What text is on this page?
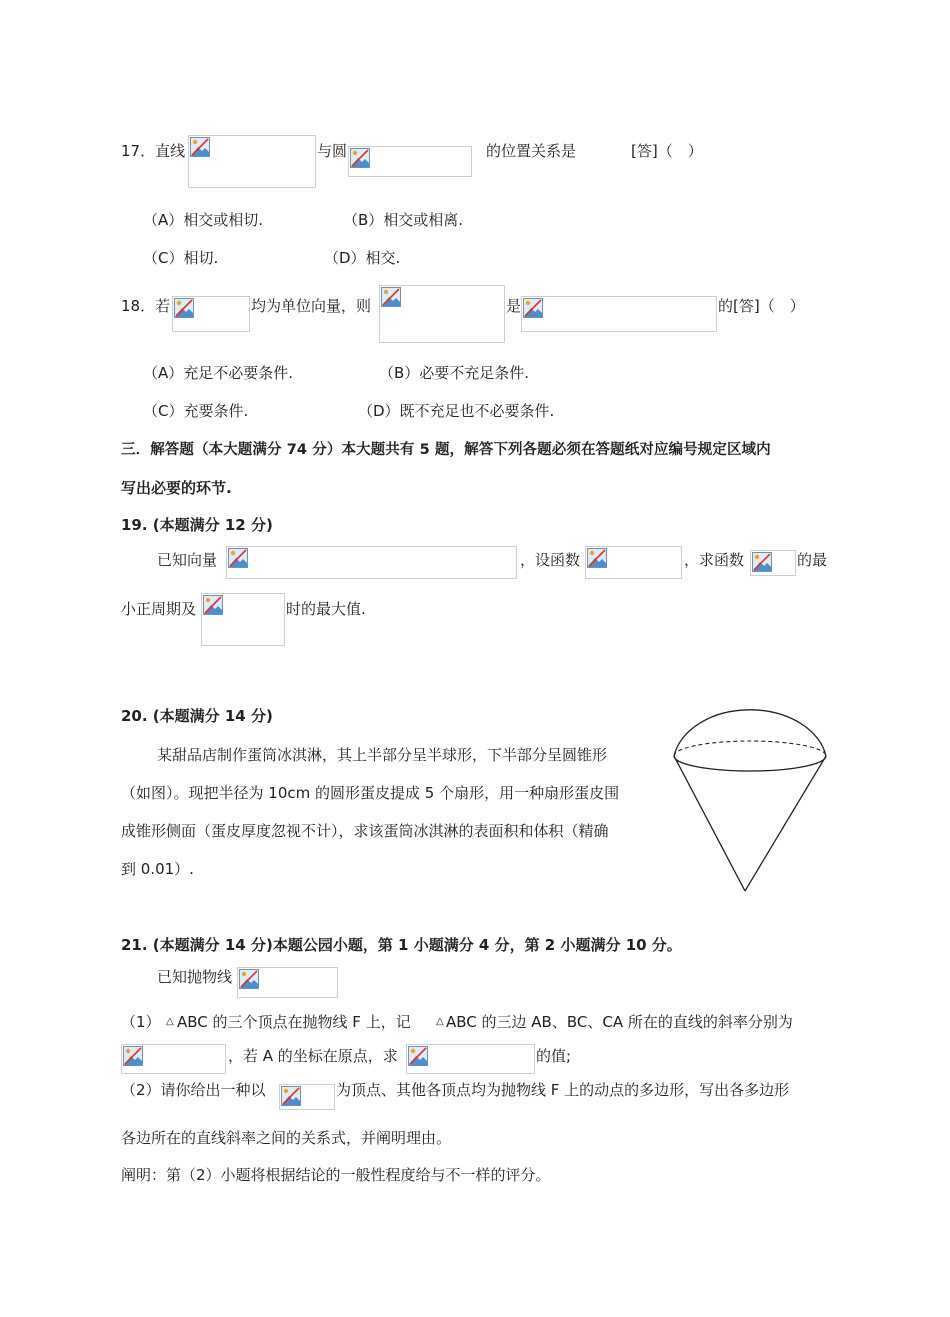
17．直线	与圆	的位置关系是	[答]（　）
（A）相交或相切.	（B）相交或相离.
（C）相切.	（D）相交.
18．若	均为单位向量，则	是	的[答]（　）
（A）充足不必要条件.	（B）必要不充足条件.
（C）充要条件.	（D）既不充足也不必要条件.
三．解答题（本大题满分 74 分）本大题共有 5 题，解答下列各题必须在答题纸对应编号规定区域内
写出必要的环节.
19. (本题满分 12 分)
已知向量	，设函数	，求函数	的最
小正周期及	时的最大值.
20. (本题满分 14 分)
某甜品店制作蛋筒冰淇淋，其上半部分呈半球形，下半部分呈圆锥形
（如图）。现把半径为 10cm 的圆形蛋皮提成 5 个扇形，用一种扇形蛋皮围
成锥形侧面（蛋皮厚度忽视不计），求该蛋筒冰淇淋的表面积和体积（精确
到 0.01）.
21. (本题满分 14 分)本题公园小题，第 1 小题满分 4 分，第 2 小题满分 10 分。
已知抛物线
（1） △ ABC 的三个顶点在抛物线 F 上，记	△ ABC 的三边 AB、BC、CA 所在的直线的斜率分别为
，若 A 的坐标在原点，求	的值;
（2）请你给出一种以	为顶点、其他各顶点均为抛物线 F 上的动点的多边形，写出各多边形
各边所在的直线斜率之间的关系式，并阐明理由。
阐明：第（2）小题将根据结论的一般性程度给与不一样的评分。
